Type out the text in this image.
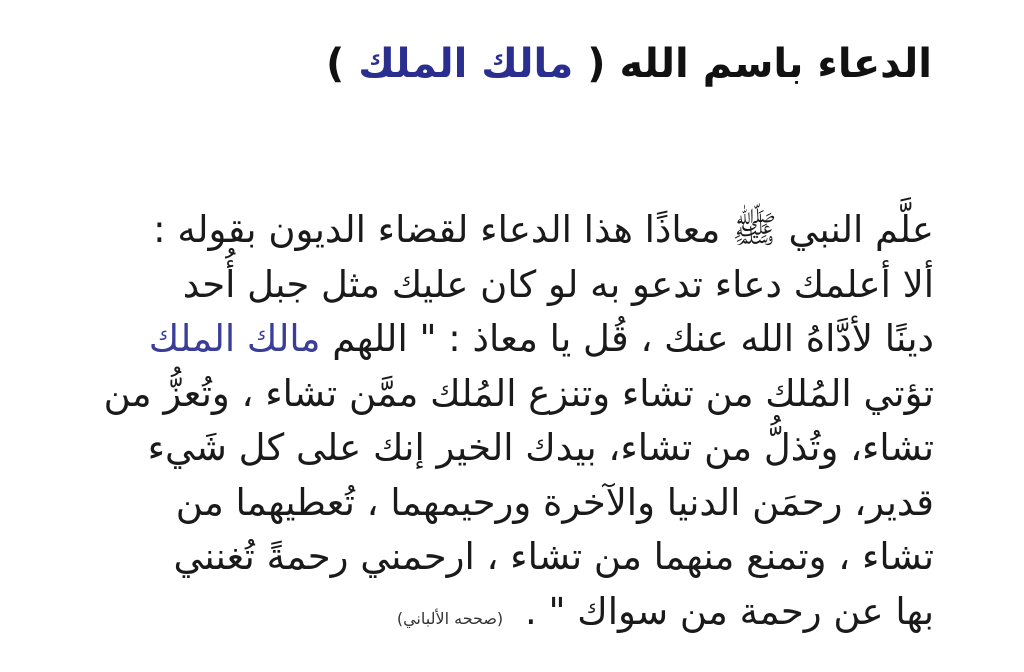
الدعاء باسم الله ( مالك الملك )
علَّم النبي ﷺ معاذًا هذا الدعاء لقضاء الديون بقوله :
ألا أعلمك دعاء تدعو به لو كان عليك مثل جبل أُحد
دينًا لأدَّاهُ الله عنك ، قُل يا معاذ : " اللهم مالك الملك
تؤتي المُلك من تشاء وتنزع المُلك ممَّن تشاء ، وتُعزُّ من
تشاء، وتُذلُّ من تشاء، بيدك الخير إنك على كل شَيء
قدير، رحمَن الدنيا والآخرة ورحيمهما ، تُعطيهما من
تشاء ، وتمنع منهما من تشاء ، ارحمني رحمةً تُغنني
بها عن رحمة من سواك " . (صححه الألباني)
